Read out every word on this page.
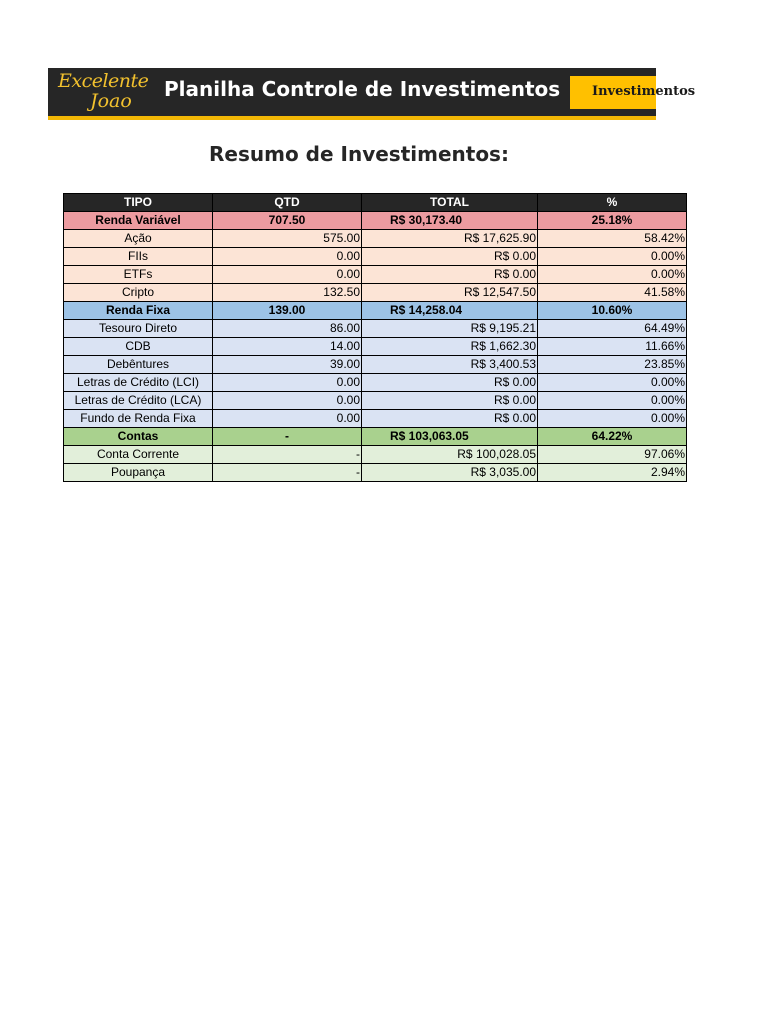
Excelente
Joao Planilha Controle de Investimentos Investimentos
Resumo de Investimentos:
TIPO	QTD	TOTAL	%
Renda Variável	707.50	R$ 30,173.40	25.18%
Ação	575.00	R$ 17,625.90	58.42%
FIIs	0.00	R$ 0.00	0.00%
ETFs	0.00	R$ 0.00	0.00%
Cripto	132.50	R$ 12,547.50	41.58%
Renda Fixa	139.00	R$ 14,258.04	10.60%
Tesouro Direto	86.00	R$ 9,195.21	64.49%
CDB	14.00	R$ 1,662.30	11.66%
Debêntures	39.00	R$ 3,400.53	23.85%
Letras de Crédito (LCI)	0.00	R$ 0.00	0.00%
Letras de Crédito (LCA)	0.00	R$ 0.00	0.00%
Fundo de Renda Fixa	0.00	R$ 0.00	0.00%
Contas	-	R$ 103,063.05	64.22%
Conta Corrente	-	R$ 100,028.05	97.06%
Poupança	-	R$ 3,035.00	2.94%
